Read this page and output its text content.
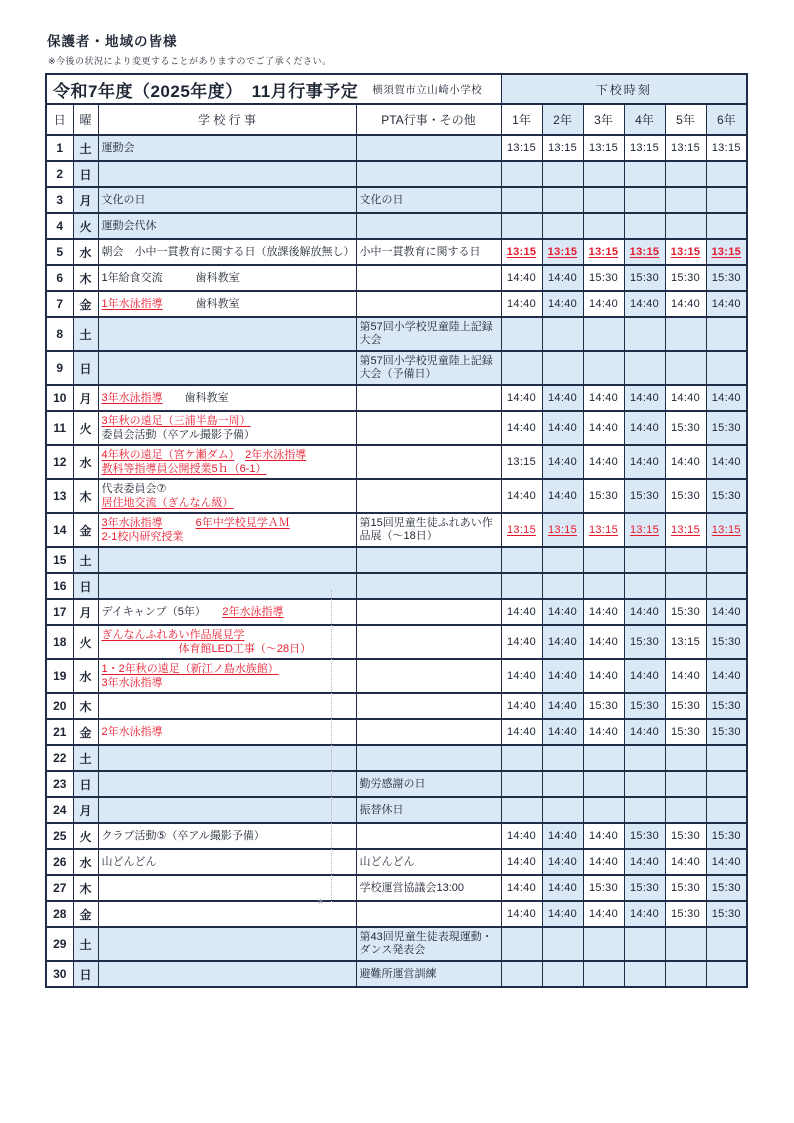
保護者・地域の皆様
※今後の状況により変更することがありますのでご了承ください。
令和7年度（2025年度）　11月行事予定 横須賀市立山崎小学校				下校時刻					
日	曜	学 校 行 事	PTA行事・その他	1年	2年	3年	4年	5年	6年
1	土	運動会		13:15	13:15	13:15	13:15	13:15	13:15
2	日								
3	月	文化の日	文化の日						
4	火	運動会代休							

5	水	朝会　小中一貫教育に関する日（放課後解放無し）	小中一貫教育に関する日	13:15	13:15	13:15	13:15	13:15	13:15
6	木	1年給食交流　　　歯科教室		14:40	14:40	15:30	15:30	15:30	15:30
7	金	1年水泳指導　　　歯科教室		14:40	14:40	14:40	14:40	14:40	14:40
8	土		第57回小学校児童陸上記録大会						
9	日		第57回小学校児童陸上記録大会（予備日）						
10	月	3年水泳指導　　歯科教室		14:40	14:40	14:40	14:40	14:40	14:40
11	火	3年秋の遠足（三浦半島一周）
委員会活動（卒アル撮影予備）		14:40	14:40	14:40	14:40	15:30	15:30
12	水	4年秋の遠足（宮ケ瀬ダム）　 2年水泳指導
教科等指導員公開授業5ｈ（6-1）		13:15	14:40	14:40	14:40	14:40	14:40
13	木	代表委員会⑦
居住地交流（ぎんなん級）		14:40	14:40	15:30	15:30	15:30	15:30
14	金	3年水泳指導　　　 6年中学校見学ＡＭ
2-1校内研究授業	第15回児童生徒ふれあい作品展（～18日）	13:15	13:15	13:15	13:15	13:15	13:15
15	土								
16	日								
17	月	デイキャンプ（5年）　　 2年水泳指導		14:40	14:40	14:40	14:40	15:30	14:40
18	火	ぎんなんふれあい作品展見学
　　　　　　　体育館LED工事（～28日）		14:40	14:40	14:40	15:30	13:15	15:30
19	水	1・2年秋の遠足（新江ノ島水族館）
3年水泳指導		14:40	14:40	14:40	14:40	14:40	14:40
20	木			14:40	14:40	15:30	15:30	15:30	15:30
21	金	2年水泳指導		14:40	14:40	14:40	14:40	15:30	15:30
22	土								
23	日		勤労感謝の日						
24	月		振替休日						
25	火	クラブ活動⑤（卒アル撮影予備）		14:40	14:40	14:40	15:30	15:30	15:30
26	水	山どんどん	山どんどん	14:40	14:40	14:40	14:40	14:40	14:40
27	木		学校運営協議会13:00	14:40	14:40	15:30	15:30	15:30	15:30
28	金			14:40	14:40	14:40	14:40	15:30	15:30
29	土		第43回児童生徒表現運動・ダンス発表会						
30	日		避難所運営訓練						
*
